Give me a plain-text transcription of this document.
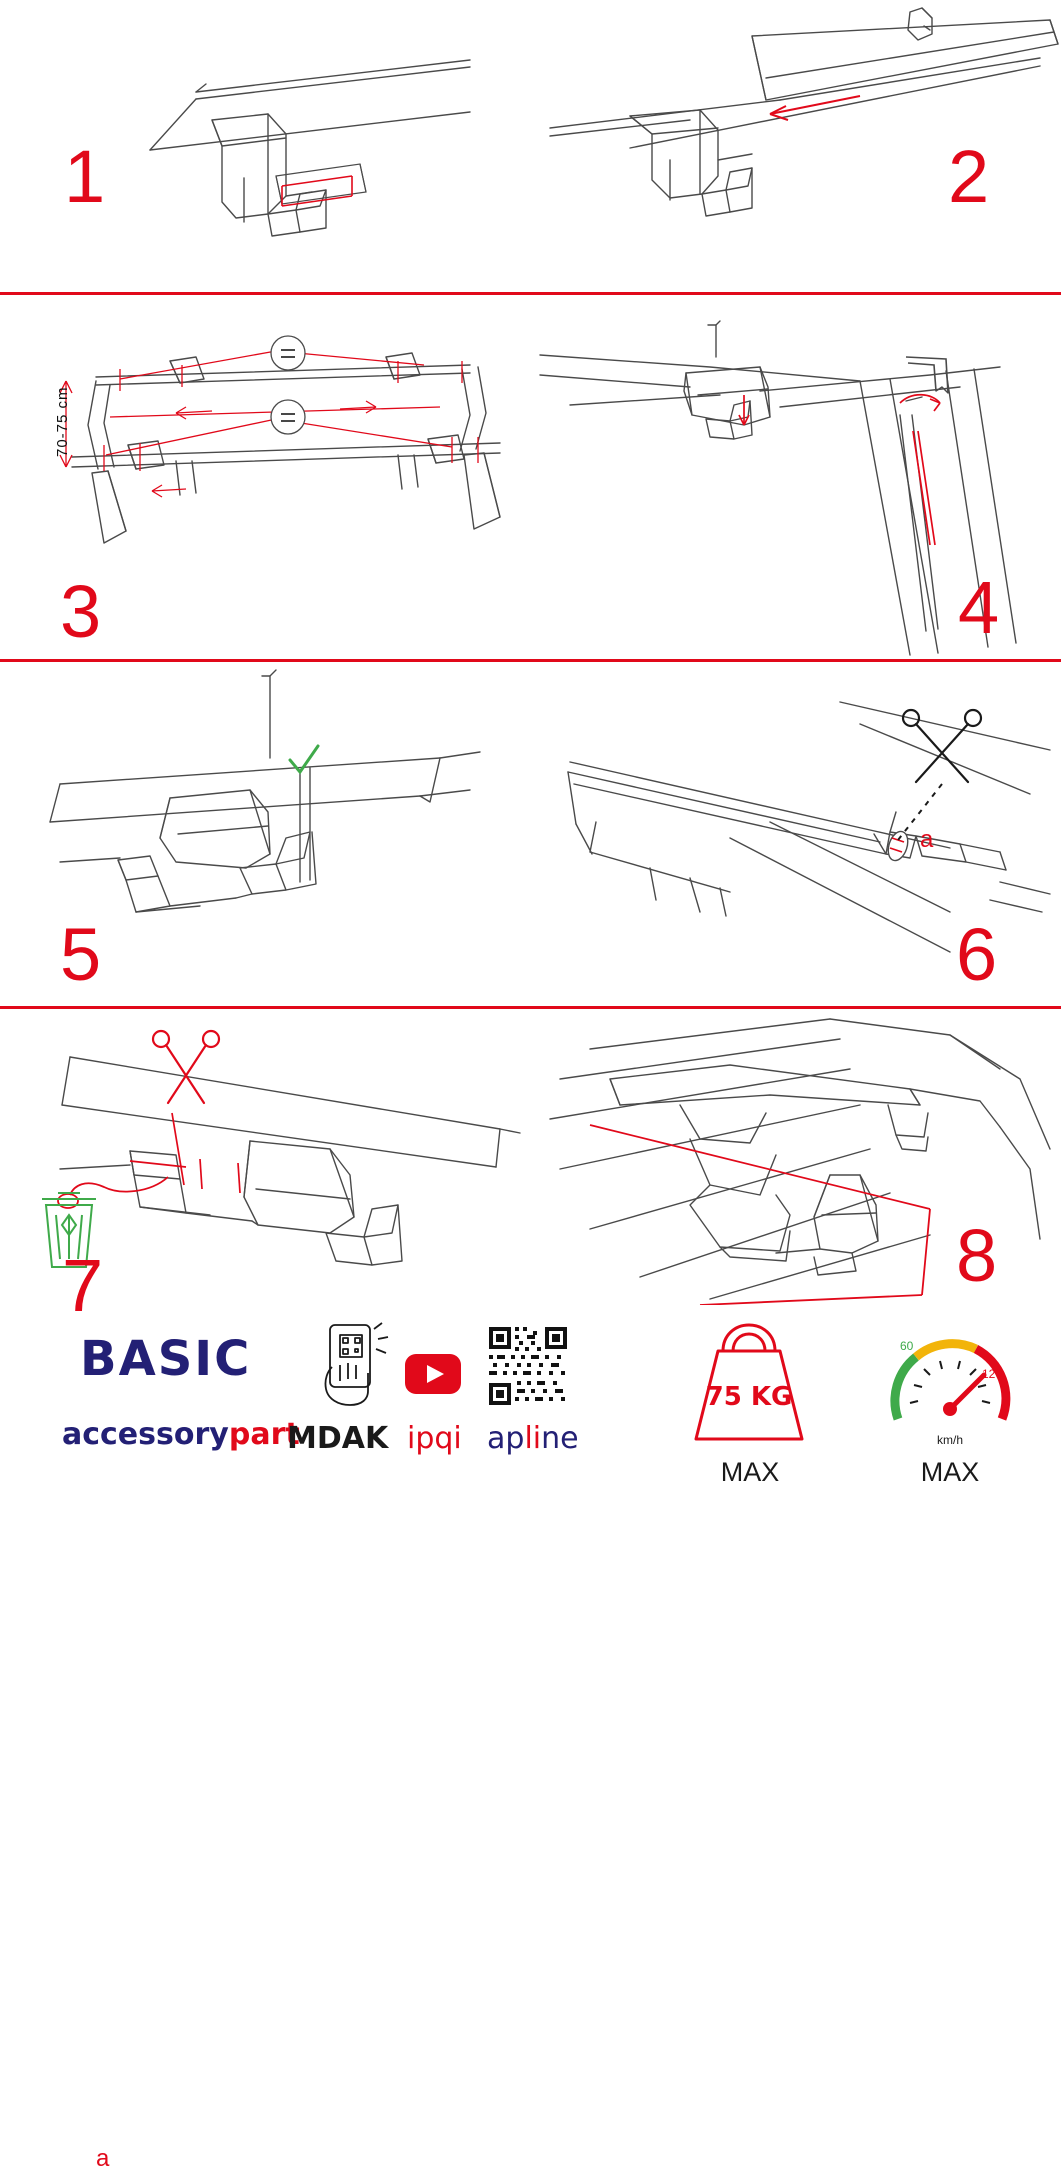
1	2
70-75 cm
3	4
5
a
6
a
7	8
BASIC
accessorypart
MDAK ipqi apline
75 KG
MAX
60
120
km/h
MAX
